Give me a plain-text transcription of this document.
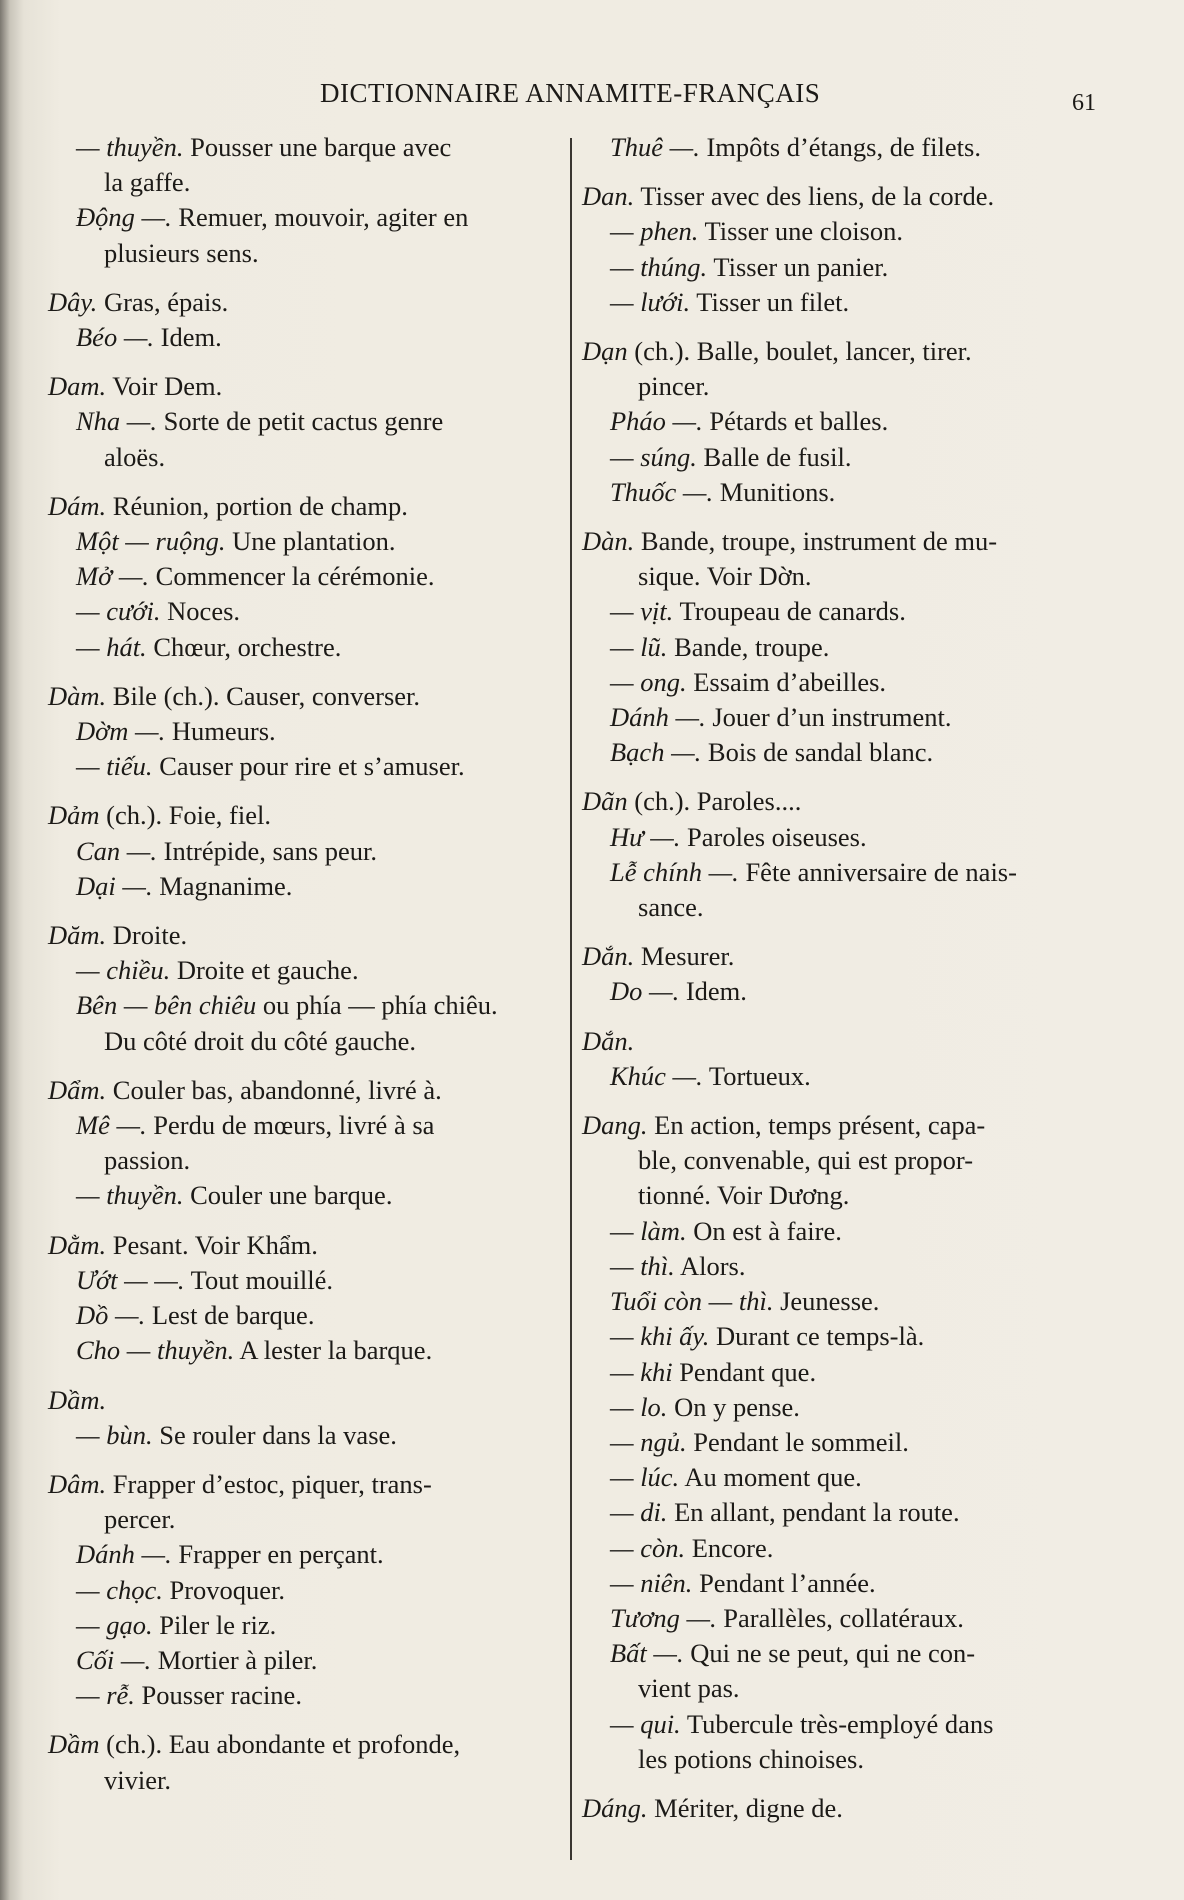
DICTIONNAIRE ANNAMITE-FRANÇAIS	61
— thuyền. Pousser une barque avec
la gaffe.
Động —. Remuer, mouvoir, agiter en
plusieurs sens.
Dây. Gras, épais.
Béo —. Idem.
Dam. Voir Dem.
Nha —. Sorte de petit cactus genre
aloës.
Dám. Réunion, portion de champ.
Một — ruộng. Une plantation.
Mở —. Commencer la cérémonie.
— cưới. Noces.
— hát. Chœur, orchestre.
Dàm. Bile (ch.). Causer, converser.
Dờm —. Humeurs.
— tiếu. Causer pour rire et s’amuser.
Dảm (ch.). Foie, fiel.
Can —. Intrépide, sans peur.
Dại —. Magnanime.
Dăm. Droite.
— chiều. Droite et gauche.
Bên — bên chiêu ou phía — phía chiêu.
Du côté droit du côté gauche.
Dẩm. Couler bas, abandonné, livré à.
Mê —. Perdu de mœurs, livré à sa
passion.
— thuyền. Couler une barque.
Dằm. Pesant. Voir Khẩm.
Ướt — —. Tout mouillé.
Dồ —. Lest de barque.
Cho — thuyền. A lester la barque.
Dầm.
— bùn. Se rouler dans la vase.
Dâm. Frapper d’estoc, piquer, trans-
percer.
Dánh —. Frapper en perçant.
— chọc. Provoquer.
— gạo. Piler le riz.
Cối —. Mortier à piler.
— rễ. Pousser racine.
Dầm (ch.). Eau abondante et profonde,
vivier.
Thuê —. Impôts d’étangs, de filets.
Dan. Tisser avec des liens, de la corde.
— phen. Tisser une cloison.
— thúng. Tisser un panier.
— lưới. Tisser un filet.
Dạn (ch.). Balle, boulet, lancer, tirer.
pincer.
Pháo —. Pétards et balles.
— súng. Balle de fusil.
Thuốc —. Munitions.
Dàn. Bande, troupe, instrument de mu-
sique. Voir Dờn.
— vịt. Troupeau de canards.
— lũ. Bande, troupe.
— ong. Essaim d’abeilles.
Dánh —. Jouer d’un instrument.
Bạch —. Bois de sandal blanc.
Dãn (ch.). Paroles....
Hư —. Paroles oiseuses.
Lễ chính —. Fête anniversaire de nais-
sance.
Dắn. Mesurer.
Do —. Idem.
Dắn.
Khúc —. Tortueux.
Dang. En action, temps présent, capa-
ble, convenable, qui est propor-
tionné. Voir Dương.
— làm. On est à faire.
— thì. Alors.
Tuổi còn — thì. Jeunesse.
— khi ấy. Durant ce temps-là.
— khi Pendant que.
— lo. On y pense.
— ngủ. Pendant le sommeil.
— lúc. Au moment que.
— di. En allant, pendant la route.
— còn. Encore.
— niên. Pendant l’année.
Tương —. Parallèles, collatéraux.
Bất —. Qui ne se peut, qui ne con-
vient pas.
— qui. Tubercule très-employé dans
les potions chinoises.
Dáng. Mériter, digne de.
